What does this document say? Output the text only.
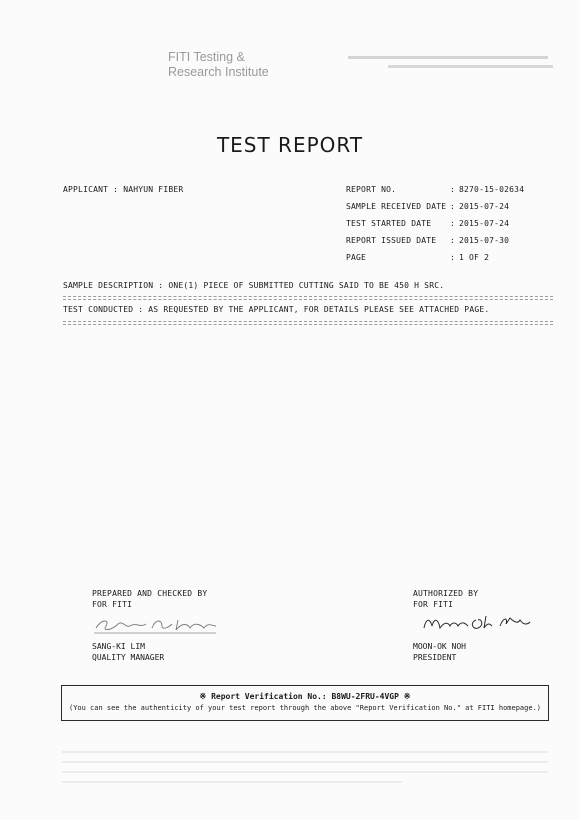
FITI Testing &
Research Institute
TEST REPORT
APPLICANT : NAHYUN FIBER	REPORT NO.	: 8270-15-02634
SAMPLE RECEIVED DATE : 2015-07-24
TEST STARTED DATE : 2015-07-24
REPORT ISSUED DATE : 2015-07-30
PAGE	: 1 OF 2
SAMPLE DESCRIPTION : ONE(1) PIECE OF SUBMITTED CUTTING SAID TO BE 450 H SRC.
TEST CONDUCTED : AS REQUESTED BY THE APPLICANT, FOR DETAILS PLEASE SEE ATTACHED PAGE.
PREPARED AND CHECKED BY
FOR FITI
SANG-KI LIM
QUALITY MANAGER
AUTHORIZED BY
FOR FITI
MOON-OK NOH
PRESIDENT
※ Report Verification No.: B8WU-2FRU-4VGP ※
(You can see the authenticity of your test report through the above "Report Verification No." at FITI homepage.)
